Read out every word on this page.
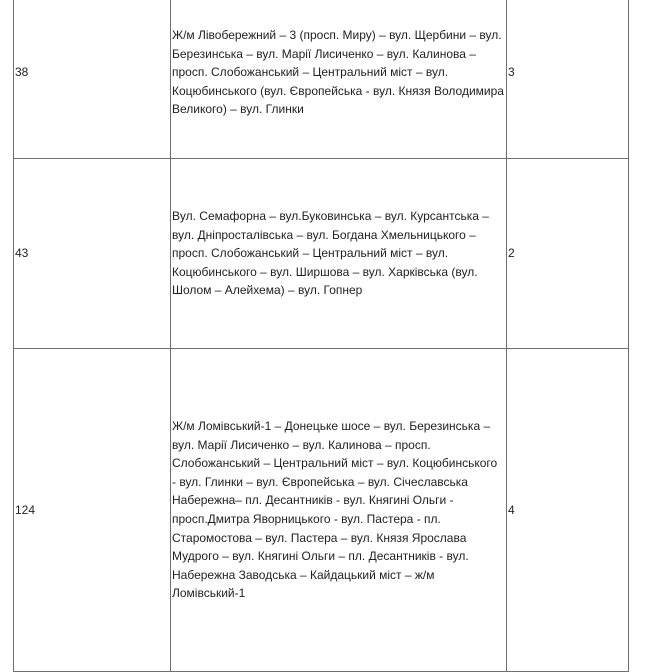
38	Ж/м Лівобережний – 3 (просп. Миру) – вул. Щербини – вул. Березинська – вул. Марії Лисиченко – вул. Калинова – просп. Слобожанський – Центральний міст – вул. Коцюбинського (вул. Європейська - вул. Князя Володимира Великого) – вул. Глинки	3

43	Вул. Семафорна – вул.Буковинська – вул. Курсантська – вул. Дніпросталівська – вул. Богдана Хмельницького – просп. Слобожанський – Центральний міст – вул. Коцюбинського – вул. Ширшова – вул. Харківська (вул. Шолом – Алейхема) – вул. Гопнер	2

124	Ж/м Ломівський-1 – Донецьке шосе – вул. Березинська – вул. Марії Лисиченко – вул. Калинова – просп. Слобожанський – Центральний міст – вул. Коцюбинського - вул. Глинки – вул. Європейська – вул. Січеславська Набережна– пл. Десантників - вул. Княгині Ольги - просп.Дмитра Яворницького - вул. Пастера - пл. Старомостова – вул. Пастера – вул. Князя Ярослава Мудрого – вул. Княгині Ольги – пл. Десантників - вул. Набережна Заводська – Кайдацький міст – ж/м Ломівський-1	4
